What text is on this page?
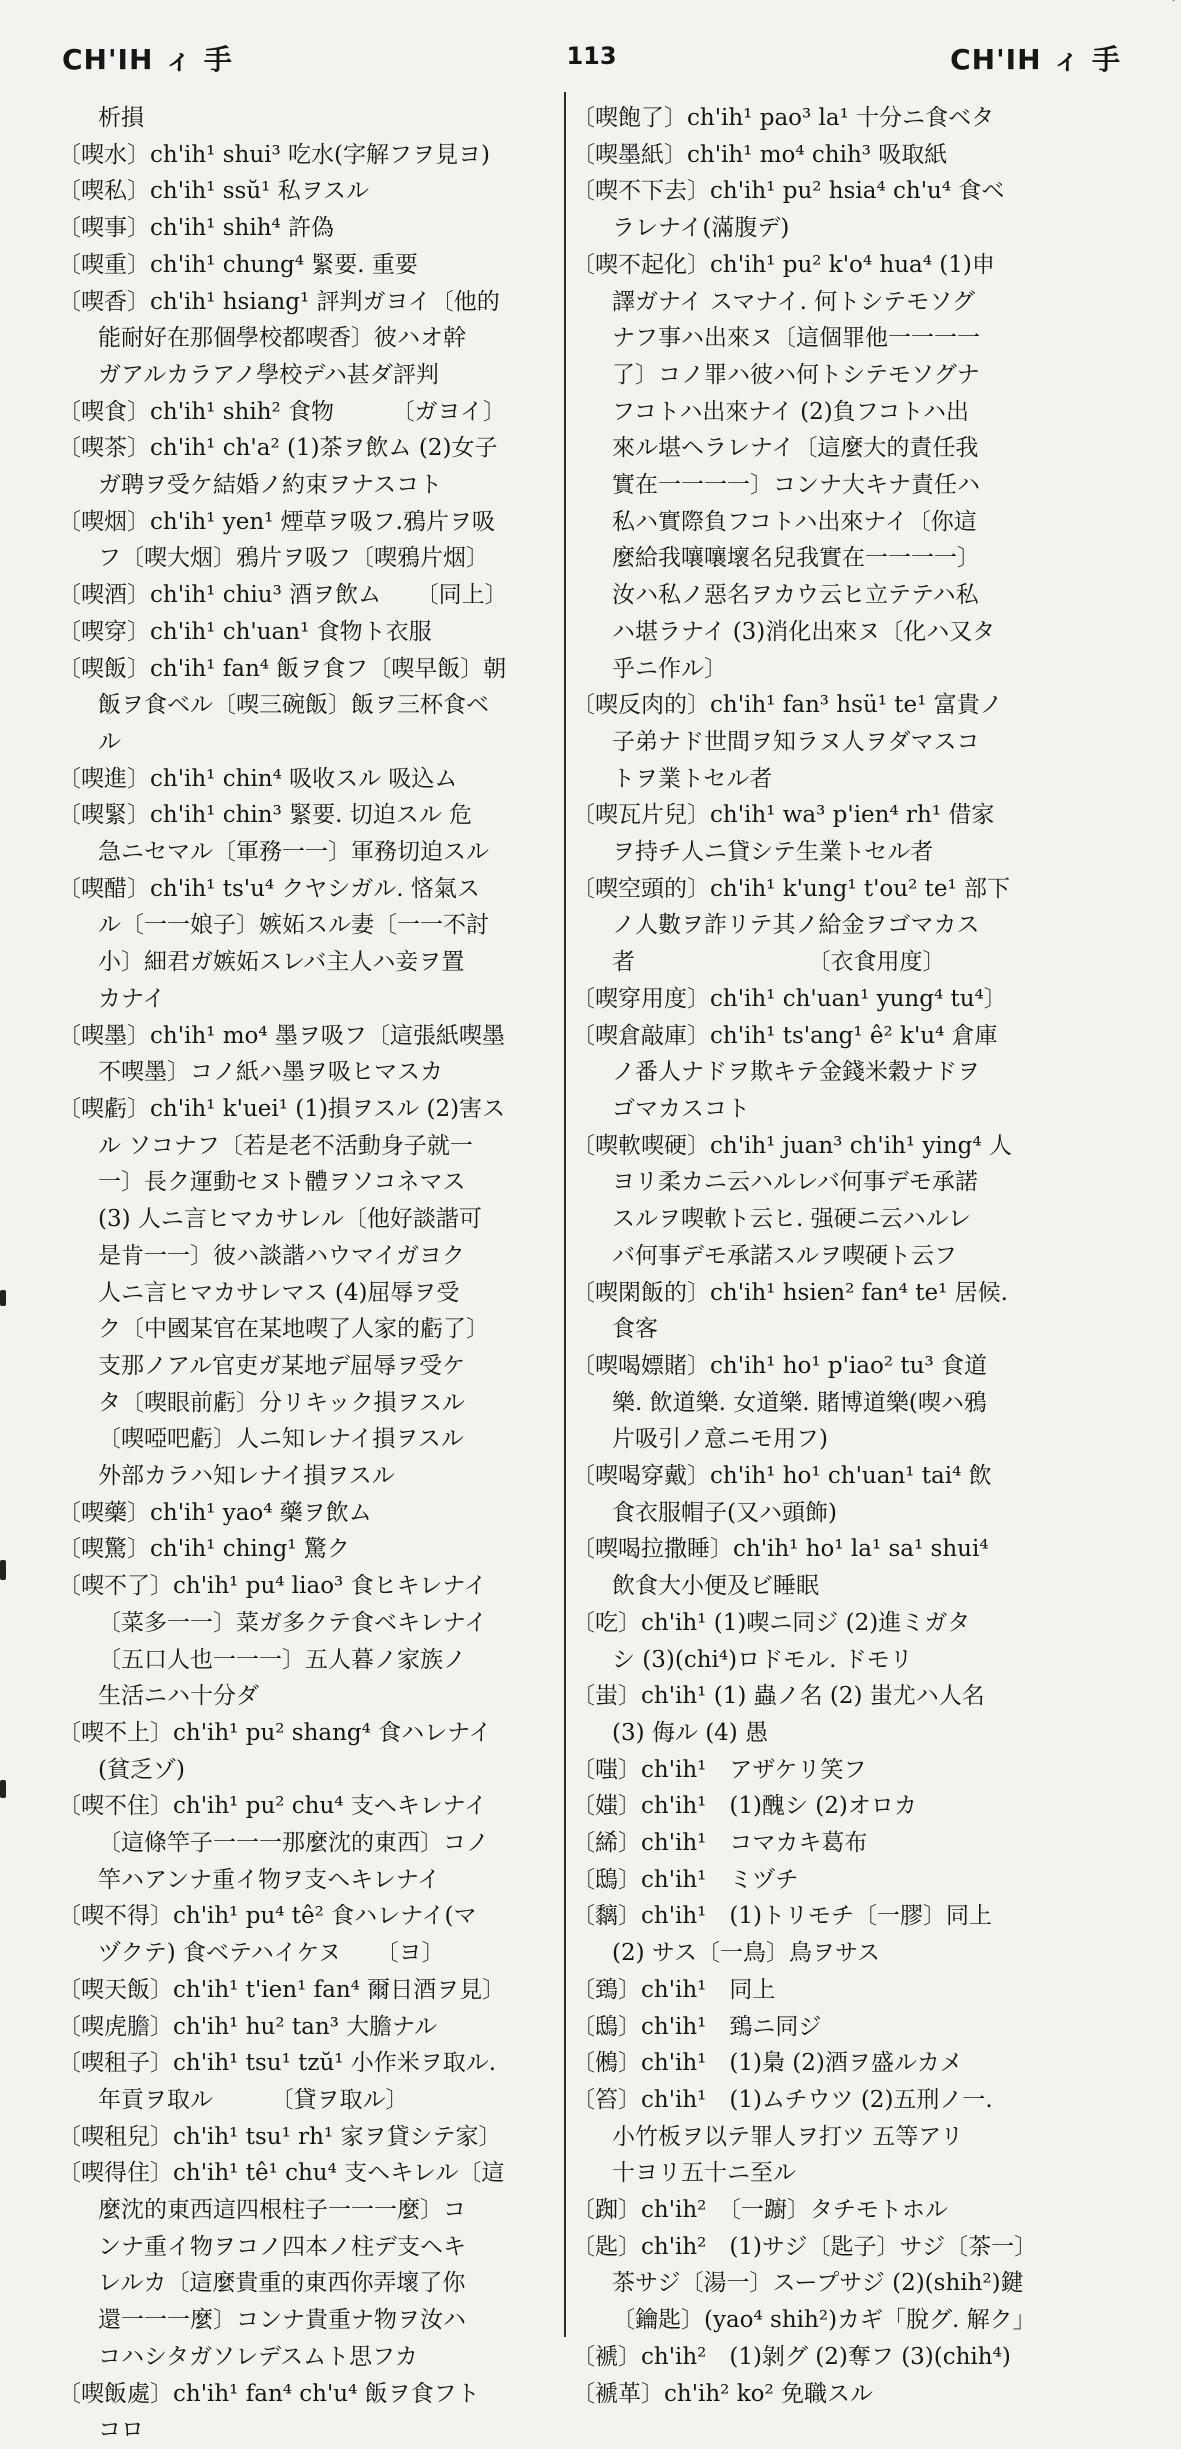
CH'IH ィ 手	113	CH'IH ィ 手
析損
〔喫水〕ch'ih¹ shui³ 吃水(字解フヲ見ヨ)
〔喫私〕ch'ih¹ ssŭ¹ 私ヲスル
〔喫事〕ch'ih¹ shih⁴ 許偽
〔喫重〕ch'ih¹ chung⁴ 緊要. 重要
〔喫香〕ch'ih¹ hsiang¹ 評判ガヨイ〔他的
能耐好在那個學校都喫香〕彼ハオ幹
ガアルカラアノ學校デハ甚ダ評判
〔喫食〕ch'ih¹ shih² 食物　　　〔ガヨイ〕
〔喫茶〕ch'ih¹ ch'a² (1)茶ヲ飲ム (2)女子
ガ聘ヲ受ケ結婚ノ約束ヲナスコト
〔喫烟〕ch'ih¹ yen¹ 煙草ヲ吸フ.鴉片ヲ吸
フ〔喫大烟〕鴉片ヲ吸フ〔喫鴉片烟〕
〔喫酒〕ch'ih¹ chiu³ 酒ヲ飲ム　　〔同上〕
〔喫穿〕ch'ih¹ ch'uan¹ 食物ト衣服
〔喫飯〕ch'ih¹ fan⁴ 飯ヲ食フ〔喫早飯〕朝
飯ヲ食ベル〔喫三碗飯〕飯ヲ三杯食ベ
ル
〔喫進〕ch'ih¹ chin⁴ 吸收スル 吸込ム
〔喫緊〕ch'ih¹ chin³ 緊要. 切迫スル 危
急ニセマル〔軍務一一〕軍務切迫スル
〔喫醋〕ch'ih¹ ts'u⁴ クヤシガル. 悋氣ス
ル〔一一娘子〕嫉妬スル妻〔一一不討
小〕細君ガ嫉妬スレバ主人ハ妾ヲ置
カナイ
〔喫墨〕ch'ih¹ mo⁴ 墨ヲ吸フ〔這張紙喫墨
不喫墨〕コノ紙ハ墨ヲ吸ヒマスカ
〔喫虧〕ch'ih¹ k'uei¹ (1)損ヲスル (2)害ス
ル ソコナフ〔若是老不活動身子就一
一〕長ク運動セヌト體ヲソコネマス
(3) 人ニ言ヒマカサレル〔他好談諧可
是肯一一〕彼ハ談諧ハウマイガヨク
人ニ言ヒマカサレマス (4)屈辱ヲ受
ク〔中國某官在某地喫了人家的虧了〕
支那ノアル官吏ガ某地デ屈辱ヲ受ケ
タ〔喫眼前虧〕分リキック損ヲスル
〔喫啞吧虧〕人ニ知レナイ損ヲスル
外部カラハ知レナイ損ヲスル
〔喫藥〕ch'ih¹ yao⁴ 藥ヲ飲ム
〔喫驚〕ch'ih¹ ching¹ 驚ク
〔喫不了〕ch'ih¹ pu⁴ liao³ 食ヒキレナイ
〔菜多一一〕菜ガ多クテ食ベキレナイ
〔五口人也一一一〕五人暮ノ家族ノ
生活ニハ十分ダ
〔喫不上〕ch'ih¹ pu² shang⁴ 食ハレナイ
(貧乏ゾ)
〔喫不住〕ch'ih¹ pu² chu⁴ 支ヘキレナイ
〔這條竿子一一一那麼沈的東西〕コノ
竿ハアンナ重イ物ヲ支ヘキレナイ
〔喫不得〕ch'ih¹ pu⁴ tê² 食ハレナイ(マ
ヅクテ) 食ベテハイケヌ　　〔ヨ〕
〔喫天飯〕ch'ih¹ t'ien¹ fan⁴ 爾日酒ヲ見〕
〔喫虎膽〕ch'ih¹ hu² tan³ 大膽ナル
〔喫租子〕ch'ih¹ tsu¹ tzŭ¹ 小作米ヲ取ル.
年貢ヲ取ル　　　〔貸ヲ取ル〕
〔喫租兒〕ch'ih¹ tsu¹ rh¹ 家ヲ貸シテ家〕
〔喫得住〕ch'ih¹ tê¹ chu⁴ 支ヘキレル〔這
麼沈的東西這四根柱子一一一麼〕コ
ンナ重イ物ヲコノ四本ノ柱デ支ヘキ
レルカ〔這麼貴重的東西你弄壞了你
還一一一麼〕コンナ貴重ナ物ヲ汝ハ
コハシタガソレデスムト思フカ
〔喫飯處〕ch'ih¹ fan⁴ ch'u⁴ 飯ヲ食フト
コロ
〔喫飽了〕ch'ih¹ pao³ la¹ 十分ニ食ベタ
〔喫墨紙〕ch'ih¹ mo⁴ chih³ 吸取紙
〔喫不下去〕ch'ih¹ pu² hsia⁴ ch'u⁴ 食ベ
ラレナイ(滿腹デ)
〔喫不起化〕ch'ih¹ pu² k'o⁴ hua⁴ (1)申
譯ガナイ スマナイ. 何トシテモソグ
ナフ事ハ出來ヌ〔這個罪他一一一一
了〕コノ罪ハ彼ハ何トシテモソグナ
フコトハ出來ナイ (2)負フコトハ出
來ル堪ヘラレナイ〔這麼大的責任我
實在一一一一〕コンナ大キナ責任ハ
私ハ實際負フコトハ出來ナイ〔你這
麼給我嚷嚷壞名兒我實在一一一一〕
汝ハ私ノ惡名ヲカウ云ヒ立テテハ私
ハ堪ラナイ (3)消化出來ヌ〔化ハ又タ
乎ニ作ル〕
〔喫反肉的〕ch'ih¹ fan³ hsü¹ te¹ 富貴ノ
子弟ナド世間ヲ知ラヌ人ヲダマスコ
トヲ業トセル者
〔喫瓦片兒〕ch'ih¹ wa³ p'ien⁴ rh¹ 借家
ヲ持チ人ニ貸シテ生業トセル者
〔喫空頭的〕ch'ih¹ k'ung¹ t'ou² te¹ 部下
ノ人數ヲ詐リテ其ノ給金ヲゴマカス
者　　　　　　　　〔衣食用度〕
〔喫穿用度〕ch'ih¹ ch'uan¹ yung⁴ tu⁴〕
〔喫倉敲庫〕ch'ih¹ ts'ang¹ ê² k'u⁴ 倉庫
ノ番人ナドヲ欺キテ金錢米穀ナドヲ
ゴマカスコト
〔喫軟喫硬〕ch'ih¹ juan³ ch'ih¹ ying⁴ 人
ヨリ柔カニ云ハルレバ何事デモ承諾
スルヲ喫軟ト云ヒ. 强硬ニ云ハルレ
バ何事デモ承諾スルヲ喫硬ト云フ
〔喫閑飯的〕ch'ih¹ hsien² fan⁴ te¹ 居候.
食客
〔喫喝嫖賭〕ch'ih¹ ho¹ p'iao² tu³ 食道
樂. 飲道樂. 女道樂. 賭博道樂(喫ハ鴉
片吸引ノ意ニモ用フ)
〔喫喝穿戴〕ch'ih¹ ho¹ ch'uan¹ tai⁴ 飲
食衣服帽子(又ハ頭飾)
〔喫喝拉撒睡〕ch'ih¹ ho¹ la¹ sa¹ shui⁴
飲食大小便及ビ睡眠
〔吃〕ch'ih¹ (1)喫ニ同ジ (2)進ミガタ
シ (3)(chi⁴)ロドモル. ドモリ
〔蚩〕ch'ih¹ (1) 蟲ノ名 (2) 蚩尤ハ人名
(3) 侮ル (4) 愚
〔嗤〕ch'ih¹　アザケリ笑フ
〔媸〕ch'ih¹　(1)醜シ (2)オロカ
〔絺〕ch'ih¹　コマカキ葛布
〔鴟〕ch'ih¹　ミヅチ
〔黐〕ch'ih¹　(1)トリモチ〔一膠〕同上
(2) サス〔一鳥〕鳥ヲサス
〔鵄〕ch'ih¹　同上
〔鴟〕ch'ih¹　鵄ニ同ジ
〔鵂〕ch'ih¹　(1)梟 (2)酒ヲ盛ルカメ
〔笞〕ch'ih¹　(1)ムチウツ (2)五刑ノ一.
小竹板ヲ以テ罪人ヲ打ツ 五等アリ
十ヨリ五十ニ至ル
〔踟〕ch'ih²　〔一躕〕タチモトホル
〔匙〕ch'ih²　(1)サジ〔匙子〕サジ〔茶一〕
茶サジ〔湯一〕スープサジ (2)(shih²)鍵
〔鑰匙〕(yao⁴ shih²)カギ「脫グ. 解ク」
〔褫〕ch'ih²　(1)剝グ (2)奪フ (3)(chih⁴)
〔褫革〕ch'ih² ko² 免職スル
